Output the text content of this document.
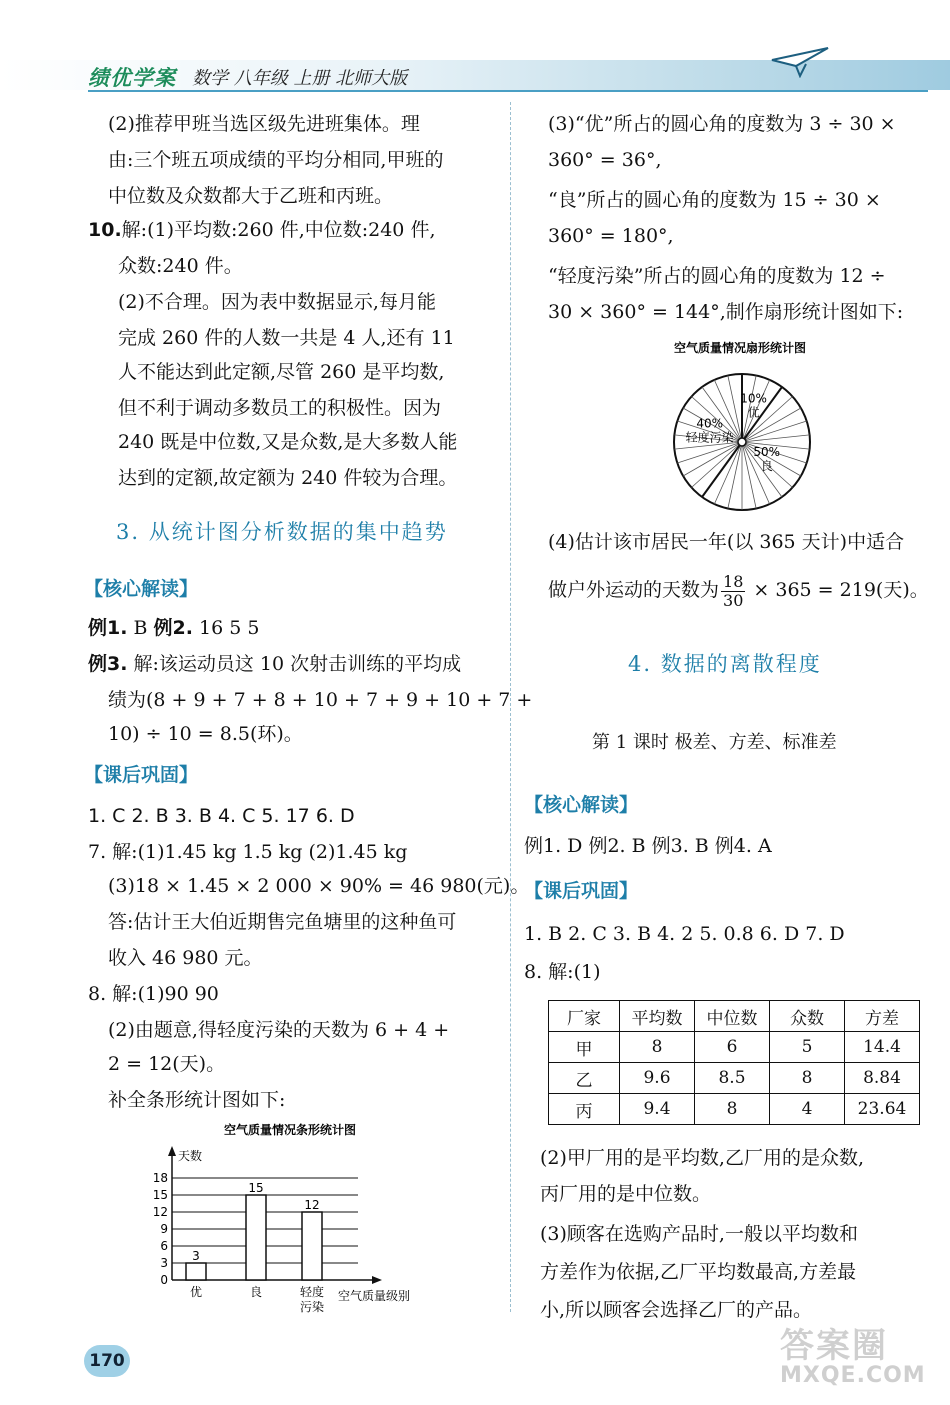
绩优学案 数学 八年级 上册 北师大版
(2)推荐甲班当选区级先进班集体。理
由:三个班五项成绩的平均分相同,甲班的
中位数及众数都大于乙班和丙班。
10.解:(1)平均数:260 件,中位数:240 件,
众数:240 件。
(2)不合理。因为表中数据显示,每月能
完成 260 件的人数一共是 4 人,还有 11
人不能达到此定额,尽管 260 是平均数,
但不利于调动多数员工的积极性。因为
240 既是中位数,又是众数,是大多数人能
达到的定额,故定额为 240 件较为合理。
3. 从统计图分析数据的集中趋势
【核心解读】
例1. B 例2. 16 5 5
例3. 解:该运动员这 10 次射击训练的平均成
绩为(8 + 9 + 7 + 8 + 10 + 7 + 9 + 10 + 7 +
10) ÷ 10 = 8.5(环)。
【课后巩固】
1. C 2. B 3. B 4. C 5. 17 6. D
7. 解:(1)1.45 kg 1.5 kg (2)1.45 kg
(3)18 × 1.45 × 2 000 × 90% = 46 980(元)。
答:估计王大伯近期售完鱼塘里的这种鱼可
收入 46 980 元。
8. 解:(1)90 90
(2)由题意,得轻度污染的天数为 6 + 4 +
2 = 12(天)。
补全条形统计图如下:
空气质量情况条形统计图
天数
0
3
6
9
12
15
18
3
优
15
良
12
轻度
污染
空气质量级别
(3)“优”所占的圆心角的度数为 3 ÷ 30 ×
360° = 36°,
“良”所占的圆心角的度数为 15 ÷ 30 ×
360° = 180°,
“轻度污染”所占的圆心角的度数为 12 ÷
30 × 360° = 144°,制作扇形统计图如下:
空气质量情况扇形统计图
10%
优
50%
良
40%
轻度污染
(4)估计该市居民一年(以 365 天计)中适合
做户外运动的天数为 $\frac{18}{30} \times 365 = 219$(天)。
4. 数据的离散程度
第 1 课时 极差、方差、标准差
【核心解读】
例1. D 例2. B 例3. B 例4. A
【课后巩固】
1. B 2. C 3. B 4. 2 5. 0.8 6. D 7. D
8. 解:(1)
厂家	平均数	中位数	众数	方差
甲	8	6	5	14.4
乙	9.6	8.5	8	8.84
丙	9.4	8	4	23.64
(2)甲厂用的是平均数,乙厂用的是众数,
丙厂用的是中位数。
(3)顾客在选购产品时,一般以平均数和
方差作为依据,乙厂平均数最高,方差最
小,所以顾客会选择乙厂的产品。
170	答案圈
MXQE.COM
